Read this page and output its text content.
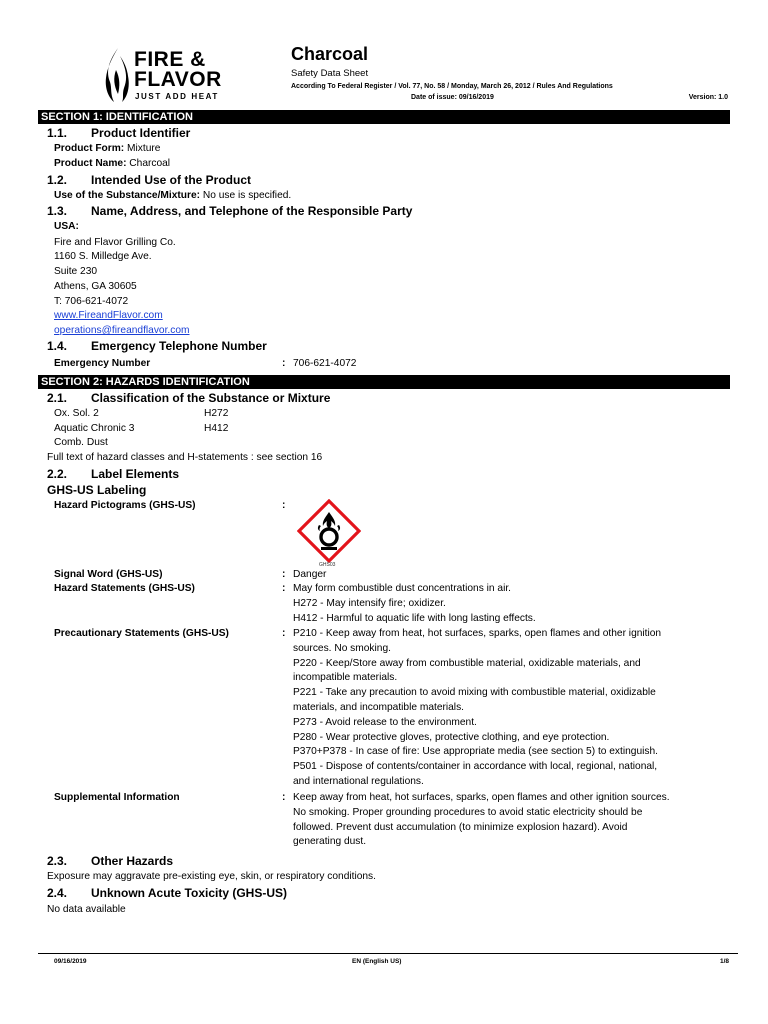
FIRE &
FLAVOR
JUST ADD HEAT
Charcoal
Safety Data Sheet
According To Federal Register / Vol. 77, No. 58 / Monday, March 26, 2012 / Rules And Regulations
Date of issue: 09/16/2019	Version: 1.0
SECTION 1: IDENTIFICATION
1.1. Product Identifier
Product Form: Mixture
Product Name: Charcoal
1.2. Intended Use of the Product
Use of the Substance/Mixture: No use is specified.
1.3. Name, Address, and Telephone of the Responsible Party
USA:
Fire and Flavor Grilling Co.
1160 S. Milledge Ave.
Suite 230
Athens, GA 30605
T: 706-621-4072
www.FireandFlavor.com
operations@fireandflavor.com
1.4. Emergency Telephone Number
Emergency Number	: 706-621-4072
SECTION 2: HAZARDS IDENTIFICATION
2.1. Classification of the Substance or Mixture
Ox. Sol. 2	H272
Aquatic Chronic 3	H412
Comb. Dust
Full text of hazard classes and H-statements : see section 16
2.2. Label Elements
GHS-US Labeling
Hazard Pictograms (GHS-US)	:
GHS03
Signal Word (GHS-US)	: Danger
Hazard Statements (GHS-US)	: May form combustible dust concentrations in air.
H272 - May intensify fire; oxidizer.
H412 - Harmful to aquatic life with long lasting effects.
Precautionary Statements (GHS-US)	: P210 - Keep away from heat, hot surfaces, sparks, open flames and other ignition
sources. No smoking.
P220 - Keep/Store away from combustible material, oxidizable materials, and
incompatible materials.
P221 - Take any precaution to avoid mixing with combustible material, oxidizable
materials, and incompatible materials.
P273 - Avoid release to the environment.
P280 - Wear protective gloves, protective clothing, and eye protection.
P370+P378 - In case of fire: Use appropriate media (see section 5) to extinguish.
P501 - Dispose of contents/container in accordance with local, regional, national,
and international regulations.
Supplemental Information	: Keep away from heat, hot surfaces, sparks, open flames and other ignition sources.
No smoking. Proper grounding procedures to avoid static electricity should be
followed. Prevent dust accumulation (to minimize explosion hazard). Avoid
generating dust.
2.3. Other Hazards
Exposure may aggravate pre-existing eye, skin, or respiratory conditions.
2.4. Unknown Acute Toxicity (GHS-US)
No data available
09/16/2019	EN (English US)	1/8
